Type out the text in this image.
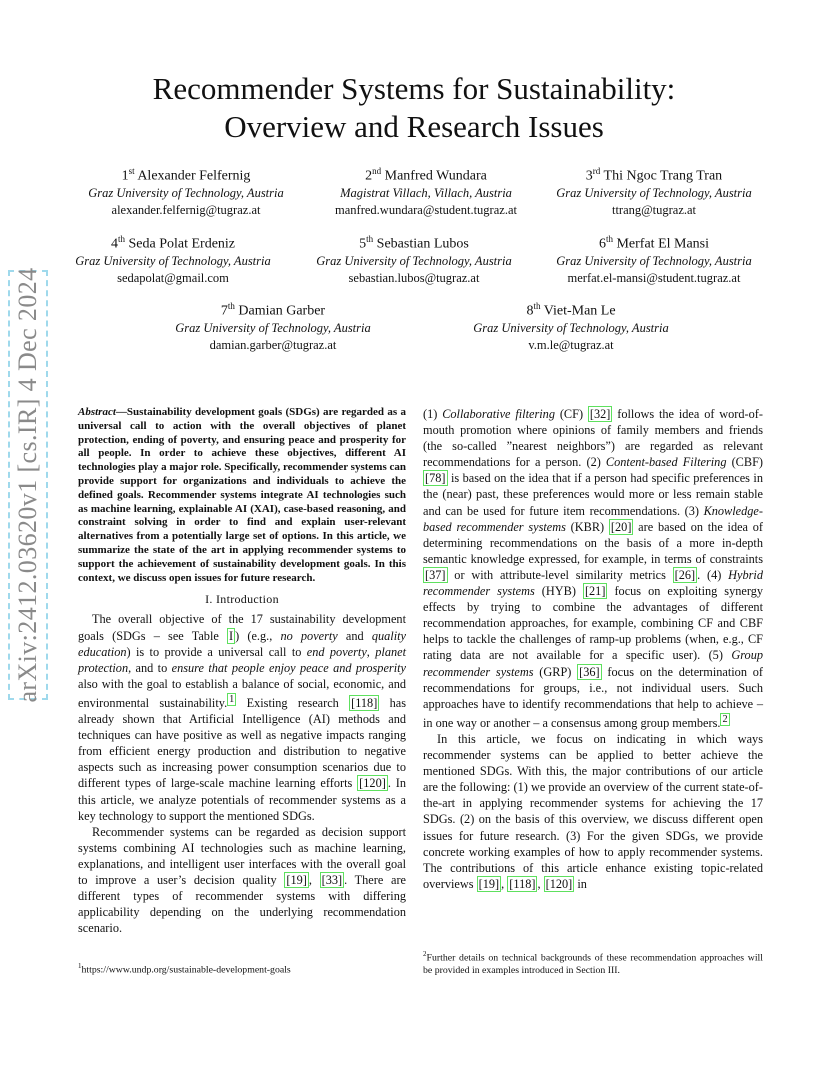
Recommender Systems for Sustainability:
Overview and Research Issues
1st Alexander Felfernig
Graz University of Technology, Austria
alexander.felfernig@tugraz.at
2nd Manfred Wundara
Magistrat Villach, Villach, Austria
manfred.wundara@student.tugraz.at
3rd Thi Ngoc Trang Tran
Graz University of Technology, Austria
ttrang@tugraz.at
4th Seda Polat Erdeniz
Graz University of Technology, Austria
sedapolat@gmail.com
5th Sebastian Lubos
Graz University of Technology, Austria
sebastian.lubos@tugraz.at
6th Merfat El Mansi
Graz University of Technology, Austria
merfat.el-mansi@student.tugraz.at
7th Damian Garber
Graz University of Technology, Austria
damian.garber@tugraz.at
8th Viet-Man Le
Graz University of Technology, Austria
v.m.le@tugraz.at
arXiv:2412.03620v1 [cs.IR] 4 Dec 2024	Abstract—Sustainability development goals (SDGs) are regarded as a universal call to action with the overall objectives of planet protection, ending of poverty, and ensuring peace and prosperity for all people. In order to achieve these objectives, different AI technologies play a major role. Specifically, recommender systems can provide support for organizations and individuals to achieve the defined goals. Recommender systems integrate AI technologies such as machine learning, explainable AI (XAI), case-based reasoning, and constraint solving in order to find and explain user-relevant alternatives from a potentially large set of options. In this article, we summarize the state of the art in applying recommender systems to support the achievement of sustainability development goals. In this context, we discuss open issues for future research.

I. Introduction

The overall objective of the 17 sustainability development goals (SDGs – see Table I ) (e.g., no poverty and quality education) is to provide a universal call to end poverty, planet protection, and to ensure that people enjoy peace and prosperity also with the goal to establish a balance of social, economic, and environmental sustainability. $^1$ Existing research [118] has already shown that Artificial Intelligence (AI) methods and techniques can have positive as well as negative impacts ranging from efficient energy production and distribution to negative aspects such as increasing power consumption scenarios due to different types of large-scale machine learning efforts [120] . In this article, we analyze potentials of recommender systems as a key technology to support the mentioned SDGs.

Recommender systems can be regarded as decision support systems combining AI technologies such as machine learning, explanations, and intelligent user interfaces with the overall goal to improve a user’s decision quality [19] , [33] . There are different types of recommender systems with differing applicability depending on the underlying recommendation scenario.

$^1$https://www.undp.org/sustainable-development-goals

(1) Collaborative filtering (CF) [32] follows the idea of word-of-mouth promotion where opinions of family members and friends (the so-called ”nearest neighbors”) are regarded as relevant recommendations for a person. (2) Content-based Filtering (CBF) [78] is based on the idea that if a person had specific preferences in the (near) past, these preferences would more or less remain stable and can be used for future item recommendations. (3) Knowledge-based recommender systems (KBR) [20] are based on the idea of determining recommendations on the basis of a more in-depth semantic knowledge expressed, for example, in terms of constraints [37] or with attribute-level similarity metrics [26] . (4) Hybrid recommender systems (HYB) [21] focus on exploiting synergy effects by trying to combine the advantages of different recommendation approaches, for example, combining CF and CBF helps to tackle the challenges of ramp-up problems (when, e.g., CF rating data are not available for a specific user). (5) Group recommender systems (GRP) [36] focus on the determination of recommendations for groups, i.e., not individual users. Such approaches have to identify recommendations that help to achieve – in one way or another – a consensus among group members. $^2$

In this article, we focus on indicating in which ways recommender systems can be applied to better achieve the mentioned SDGs. With this, the major contributions of our article are the following: (1) we provide an overview of the current state-of-the-art in applying recommender systems for achieving the 17 SDGs. (2) on the basis of this overview, we discuss different open issues for future research. (3) For the given SDGs, we provide concrete working examples of how to apply recommender systems. The contributions of this article enhance existing topic-related overviews [19] , [118] , [120] in

$^2$Further details on technical backgrounds of these recommendation approaches will be provided in examples introduced in Section III.
